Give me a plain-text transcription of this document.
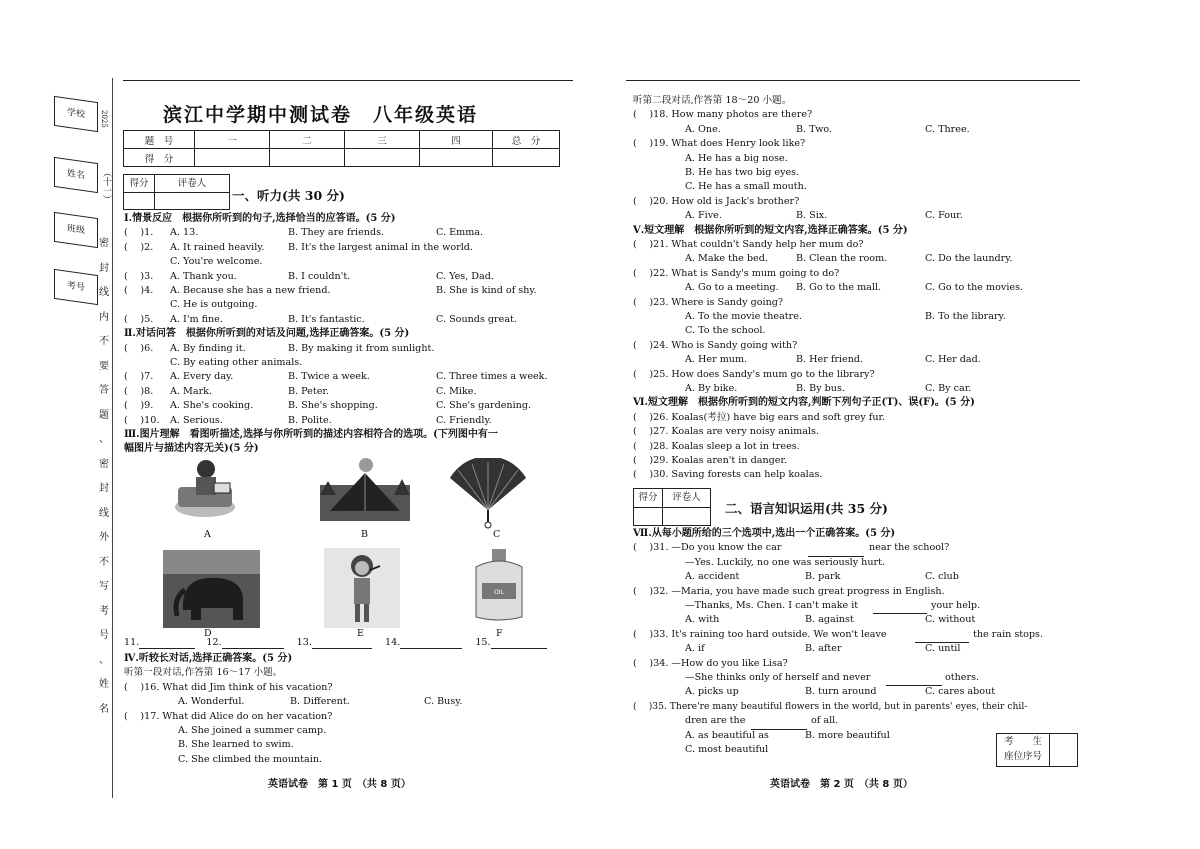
学校
姓名
班级
考号
2025
（十一）
密
封
线
内
不
要
答
题
、
密
封
线
外
不
写
考
号
、
姓
名
滨江中学期中测试卷　八年级英语
题　号	一	二	三	四	总　分
得　分					
得分	评卷人
一、听力(共 30 分)
Ⅰ.情景反应　根据你所听到的句子,选择恰当的应答语。(5 分)
( 　)1. A. 13.	B. They are friends.	C. Emma.
( 　)2. A. It rained heavily. B. It's the largest animal in the world.
C. You're welcome.
( 　)3. A. Thank you.	B. I couldn't.	C. Yes, Dad.
( 　)4. A. Because she has a new friend.	B. She is kind of shy.
C. He is outgoing.
( 　)5. A. I'm fine.	B. It's fantastic.	C. Sounds great.
Ⅱ.对话问答　根据你所听到的对话及问题,选择正确答案。(5 分)
( 　)6. A. By finding it.	B. By making it from sunlight.
C. By eating other animals.
( 　)7. A. Every day.	B. Twice a week.	C. Three times a week.
( 　)8. A. Mark.	B. Peter.	C. Mike.
( 　)9. A. She's cooking.	B. She's shopping.	C. She's gardening.
( 　)10. A. Serious.	B. Polite.	C. Friendly.
Ⅲ.图片理解　看图听描述,选择与你所听到的描述内容相符合的选项。(下列图中有一
幅图片与描述内容无关)(5 分)
OIL
A	B	C
D	E	F
11.	12.	13.	14.	15.
Ⅳ.听较长对话,选择正确答案。(5 分)
听第一段对话,作答第 16～17 小题。
( 　)16. What did Jim think of his vacation?
A. Wonderful.	B. Different.	C. Busy.
( 　)17. What did Alice do on her vacation?
A. She joined a summer camp.
B. She learned to swim.
C. She climbed the mountain.
英语试卷　第 1 页　（共 8 页）
听第二段对话,作答第 18～20 小题。
( 　)18. How many photos are there?
A. One.	B. Two.	C. Three.
( 　)19. What does Henry look like?
A. He has a big nose.
B. He has two big eyes.
C. He has a small mouth.
( 　)20. How old is Jack's brother?
A. Five.	B. Six.	C. Four.
Ⅴ.短文理解　根据你所听到的短文内容,选择正确答案。(5 分)
( 　)21. What couldn't Sandy help her mum do?
A. Make the bed.	B. Clean the room.	C. Do the laundry.
( 　)22. What is Sandy's mum going to do?
A. Go to a meeting. B. Go to the mall.	C. Go to the movies.
( 　)23. Where is Sandy going?
A. To the movie theatre.	B. To the library.
C. To the school.
( 　)24. Who is Sandy going with?
A. Her mum.	B. Her friend.	C. Her dad.
( 　)25. How does Sandy's mum go to the library?
A. By bike.	B. By bus.	C. By car.
Ⅵ.短文理解　根据你所听到的短文内容,判断下列句子正(T)、误(F)。(5 分)
( 　)26. Koalas(考拉) have big ears and soft grey fur.
( 　)27. Koalas are very noisy animals.
( 　)28. Koalas sleep a lot in trees.
( 　)29. Koalas aren't in danger.
( 　)30. Saving forests can help koalas.
得分	评卷人
二、语言知识运用(共 35 分)
Ⅶ.从每小题所给的三个选项中,选出一个正确答案。(5 分)
( 　)31. —Do you know the car
	near the school?
—Yes. Luckily, no one was seriously hurt.
A. accident	B. park	C. club
( 　)32. —Maria, you have made such great progress in English.
—Thanks, Ms. Chen. I can't make it
	your help.
A. with	B. against	C. without
( 　)33. It's raining too hard outside. We won't leave
	the rain stops.
A. if	B. after	C. until
( 　)34. —How do you like Lisa?
—She thinks only of herself and never
	others.
A. picks up	B. turn around	C. cares about
( 　)35. There're many beautiful flowers in the world, but in parents' eyes, their chil-
dren are the
	of all.
A. as beautiful as	B. more beautiful
C. most beautiful
考　　生
座位序号
英语试卷　第 2 页　（共 8 页）
